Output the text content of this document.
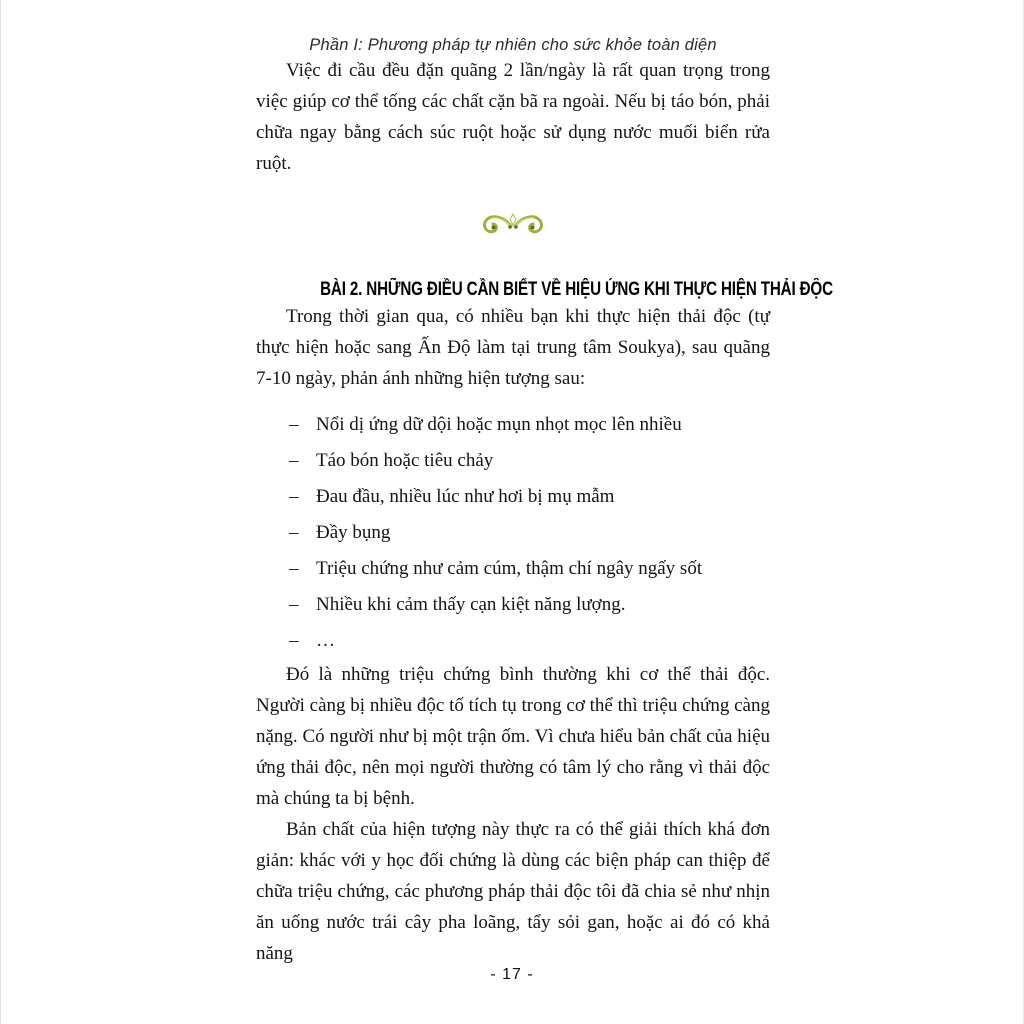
Phần I: Phương pháp tự nhiên cho sức khỏe toàn diện

Việc đi cầu đều đặn quãng 2 lần/ngày là rất quan trọng trong việc giúp cơ thể tống các chất cặn bã ra ngoài. Nếu bị táo bón, phải chữa ngay bằng cách súc ruột hoặc sử dụng nước muối biển rửa ruột.

BÀI 2. NHỮNG ĐIỀU CẦN BIẾT VỀ HIỆU ỨNG KHI THỰC HIỆN THẢI ĐỘC

Trong thời gian qua, có nhiều bạn khi thực hiện thải độc (tự thực hiện hoặc sang Ấn Độ làm tại trung tâm Soukya), sau quãng 7-10 ngày, phản ánh những hiện tượng sau:

– Nổi dị ứng dữ dội hoặc mụn nhọt mọc lên nhiều
– Táo bón hoặc tiêu chảy
– Đau đầu, nhiều lúc như hơi bị mụ mẫm
– Đầy bụng
– Triệu chứng như cảm cúm, thậm chí ngây ngấy sốt
– Nhiều khi cảm thấy cạn kiệt năng lượng.
– …

Đó là những triệu chứng bình thường khi cơ thể thải độc. Người càng bị nhiều độc tố tích tụ trong cơ thể thì triệu chứng càng nặng. Có người như bị một trận ốm. Vì chưa hiểu bản chất của hiệu ứng thải độc, nên mọi người thường có tâm lý cho rằng vì thải độc mà chúng ta bị bệnh.

Bản chất của hiện tượng này thực ra có thể giải thích khá đơn giản: khác với y học đối chứng là dùng các biện pháp can thiệp để chữa triệu chứng, các phương pháp thải độc tôi đã chia sẻ như nhịn ăn uống nước trái cây pha loãng, tẩy sỏi gan, hoặc ai đó có khả năng

- 17 -
